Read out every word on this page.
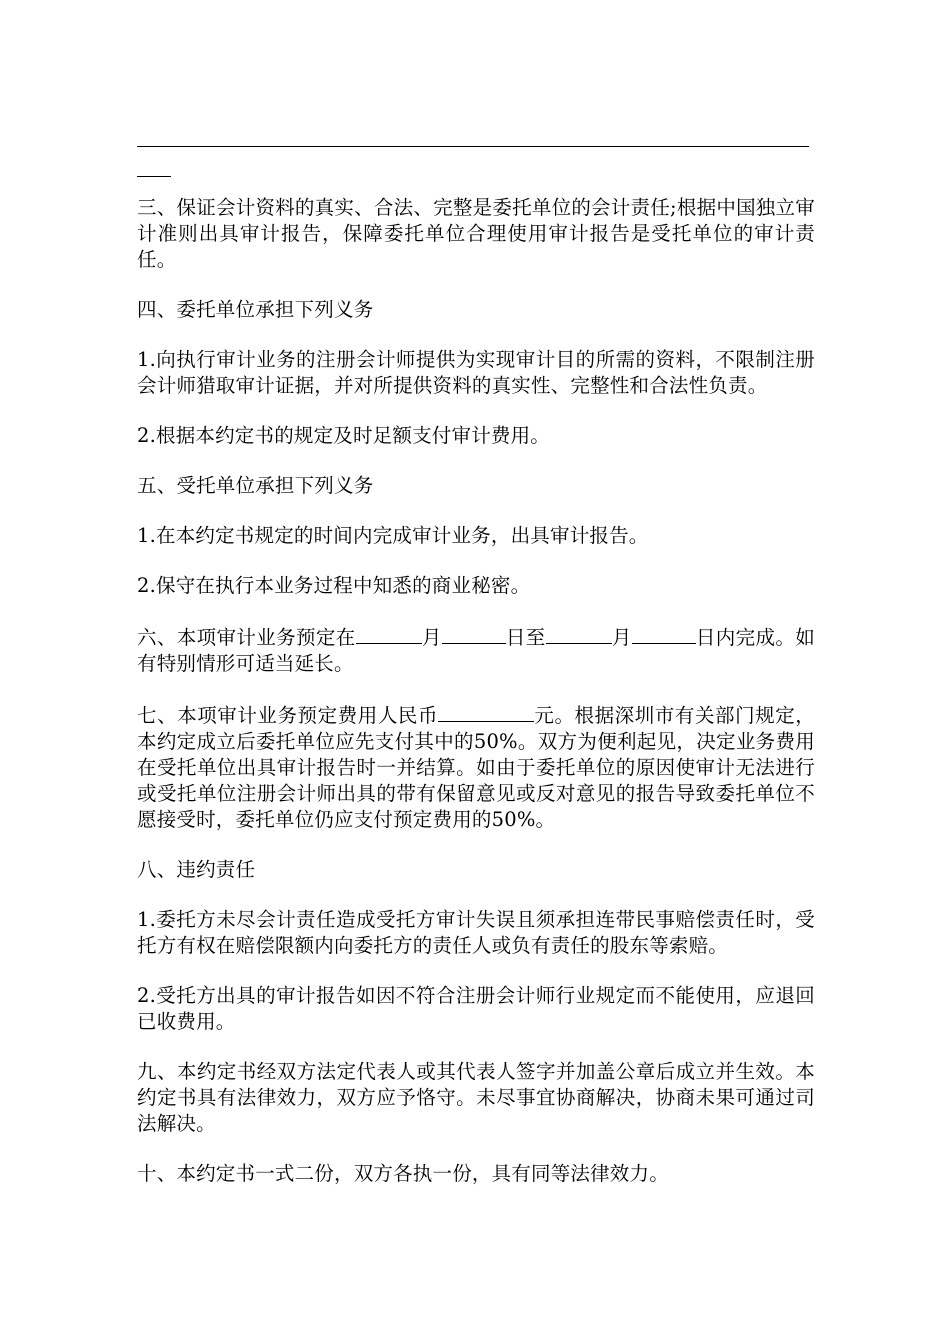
三、保证会计资料的真实、合法、完整是委托单位的会计责任;根据中国独立审计准则出具审计报告，保障委托单位合理使用审计报告是受托单位的审计责任。

四、委托单位承担下列义务

1.向执行审计业务的注册会计师提供为实现审计目的所需的资料，不限制注册会计师猎取审计证据，并对所提供资料的真实性、完整性和合法性负责。

2.根据本约定书的规定及时足额支付审计费用。

五、受托单位承担下列义务

1.在本约定书规定的时间内完成审计业务，出具审计报告。

2.保守在执行本业务过程中知悉的商业秘密。

六、本项审计业务预定在	月	日至	月	日内完成。如有特别情形可适当延长。

七、本项审计业务预定费用人民币	元。根据深圳市有关部门规定，本约定成立后委托单位应先支付其中的50%。双方为便利起见，决定业务费用在受托单位出具审计报告时一并结算。如由于委托单位的原因使审计无法进行或受托单位注册会计师出具的带有保留意见或反对意见的报告导致委托单位不愿接受时，委托单位仍应支付预定费用的50%。

八、违约责任

1.委托方未尽会计责任造成受托方审计失误且须承担连带民事赔偿责任时，受托方有权在赔偿限额内向委托方的责任人或负有责任的股东等索赔。

2.受托方出具的审计报告如因不符合注册会计师行业规定而不能使用，应退回已收费用。

九、本约定书经双方法定代表人或其代表人签字并加盖公章后成立并生效。本约定书具有法律效力，双方应予恪守。未尽事宜协商解决，协商未果可通过司法解决。

十、本约定书一式二份，双方各执一份，具有同等法律效力。
